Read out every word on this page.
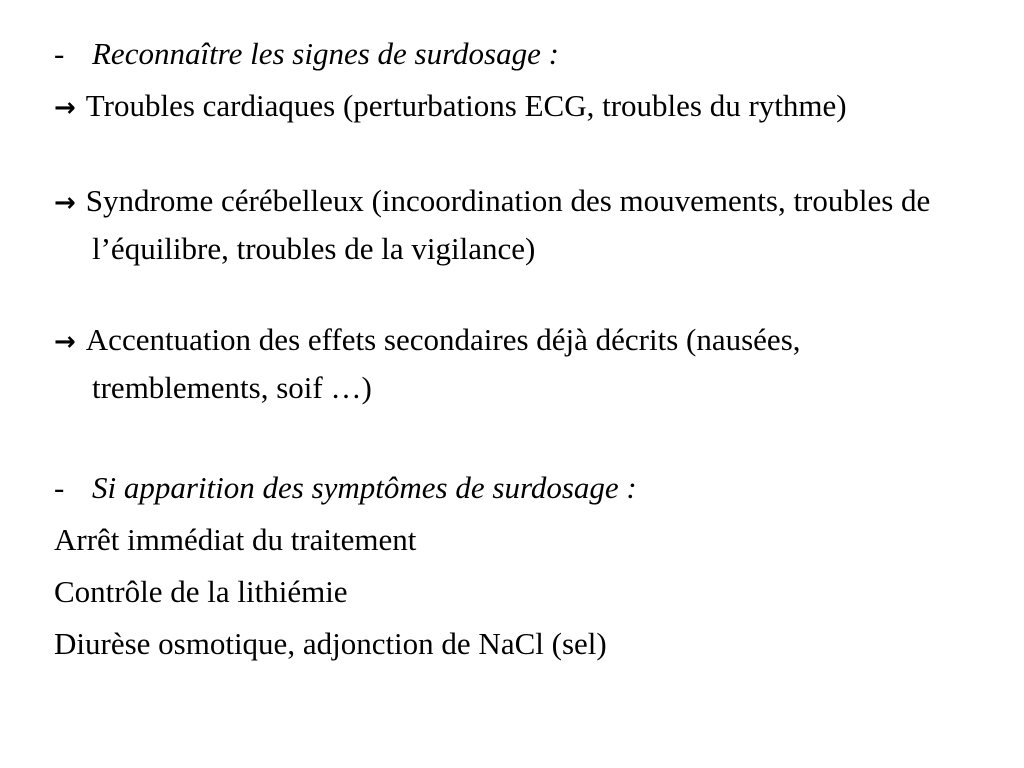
- Reconnaître les signes de surdosage :
→ Troubles cardiaques (perturbations ECG, troubles du rythme)
→ Syndrome cérébelleux (incoordination des mouvements, troubles de l’équilibre, troubles de la vigilance)
→ Accentuation des effets secondaires déjà décrits (nausées, tremblements, soif …)
- Si apparition des symptômes de surdosage :
Arrêt immédiat du traitement
Contrôle de la lithiémie
Diurèse osmotique, adjonction de NaCl (sel)
